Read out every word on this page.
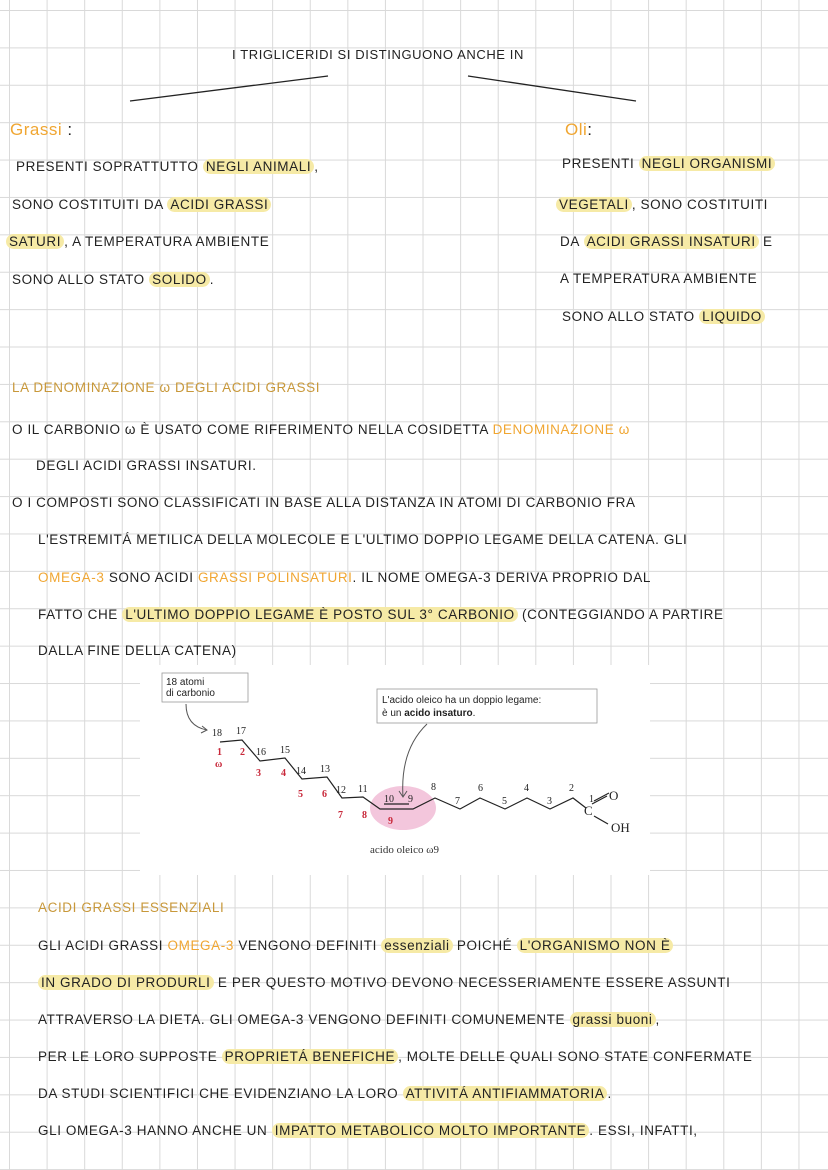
I TRIGLICERIDI SI DISTINGUONO ANCHE IN
Grassi :
PRESENTI SOPRATTUTTO NEGLI ANIMALI ,
SONO COSTITUITI DA ACIDI GRASSI
SATURI , A TEMPERATURA AMBIENTE
SONO ALLO STATO SOLIDO .
Oli:
PRESENTI NEGLI ORGANISMI
VEGETALI , SONO COSTITUITI
DA ACIDI GRASSI INSATURI E
A TEMPERATURA AMBIENTE
SONO ALLO STATO LIQUIDO
LA DENOMINAZIONE ω DEGLI ACIDI GRASSI
O IL CARBONIO ω È USATO COME RIFERIMENTO NELLA COSIDETTA DENOMINAZIONE ω
DEGLI ACIDI GRASSI INSATURI.
O I COMPOSTI SONO CLASSIFICATI IN BASE ALLA DISTANZA IN ATOMI DI CARBONIO FRA
L'ESTREMITÁ METILICA DELLA MOLECOLE E L'ULTIMO DOPPIO LEGAME DELLA CATENA. GLI
OMEGA-3 SONO ACIDI GRASSI POLINSATURI. IL NOME OMEGA-3 DERIVA PROPRIO DAL
FATTO CHE L'ULTIMO DOPPIO LEGAME È POSTO SUL 3° CARBONIO (CONTEGGIANDO A PARTIRE
DALLA FINE DELLA CATENA)
18 17
16 15
14 13
12 11
10 9
8
7
6
5
4
3
2
1
1 2
3 4
5 6
7 8
9
ω
C
O
OH
18 atomi
di carbonio
L'acido oleico ha un doppio legame:
è un acido insaturo.
acido oleico ω9
ACIDI GRASSI ESSENZIALI
GLI ACIDI GRASSI OMEGA-3 VENGONO DEFINITI essenziali POICHÉ L'ORGANISMO NON È
IN GRADO DI PRODURLI E PER QUESTO MOTIVO DEVONO NECESSERIAMENTE ESSERE ASSUNTI
ATTRAVERSO LA DIETA. GLI OMEGA-3 VENGONO DEFINITI COMUNEMENTE grassi buoni ,
PER LE LORO SUPPOSTE PROPRIETÁ BENEFICHE , MOLTE DELLE QUALI SONO STATE CONFERMATE
DA STUDI SCIENTIFICI CHE EVIDENZIANO LA LORO ATTIVITÁ ANTIFIAMMATORIA .
GLI OMEGA-3 HANNO ANCHE UN IMPATTO METABOLICO MOLTO IMPORTANTE . ESSI, INFATTI,
